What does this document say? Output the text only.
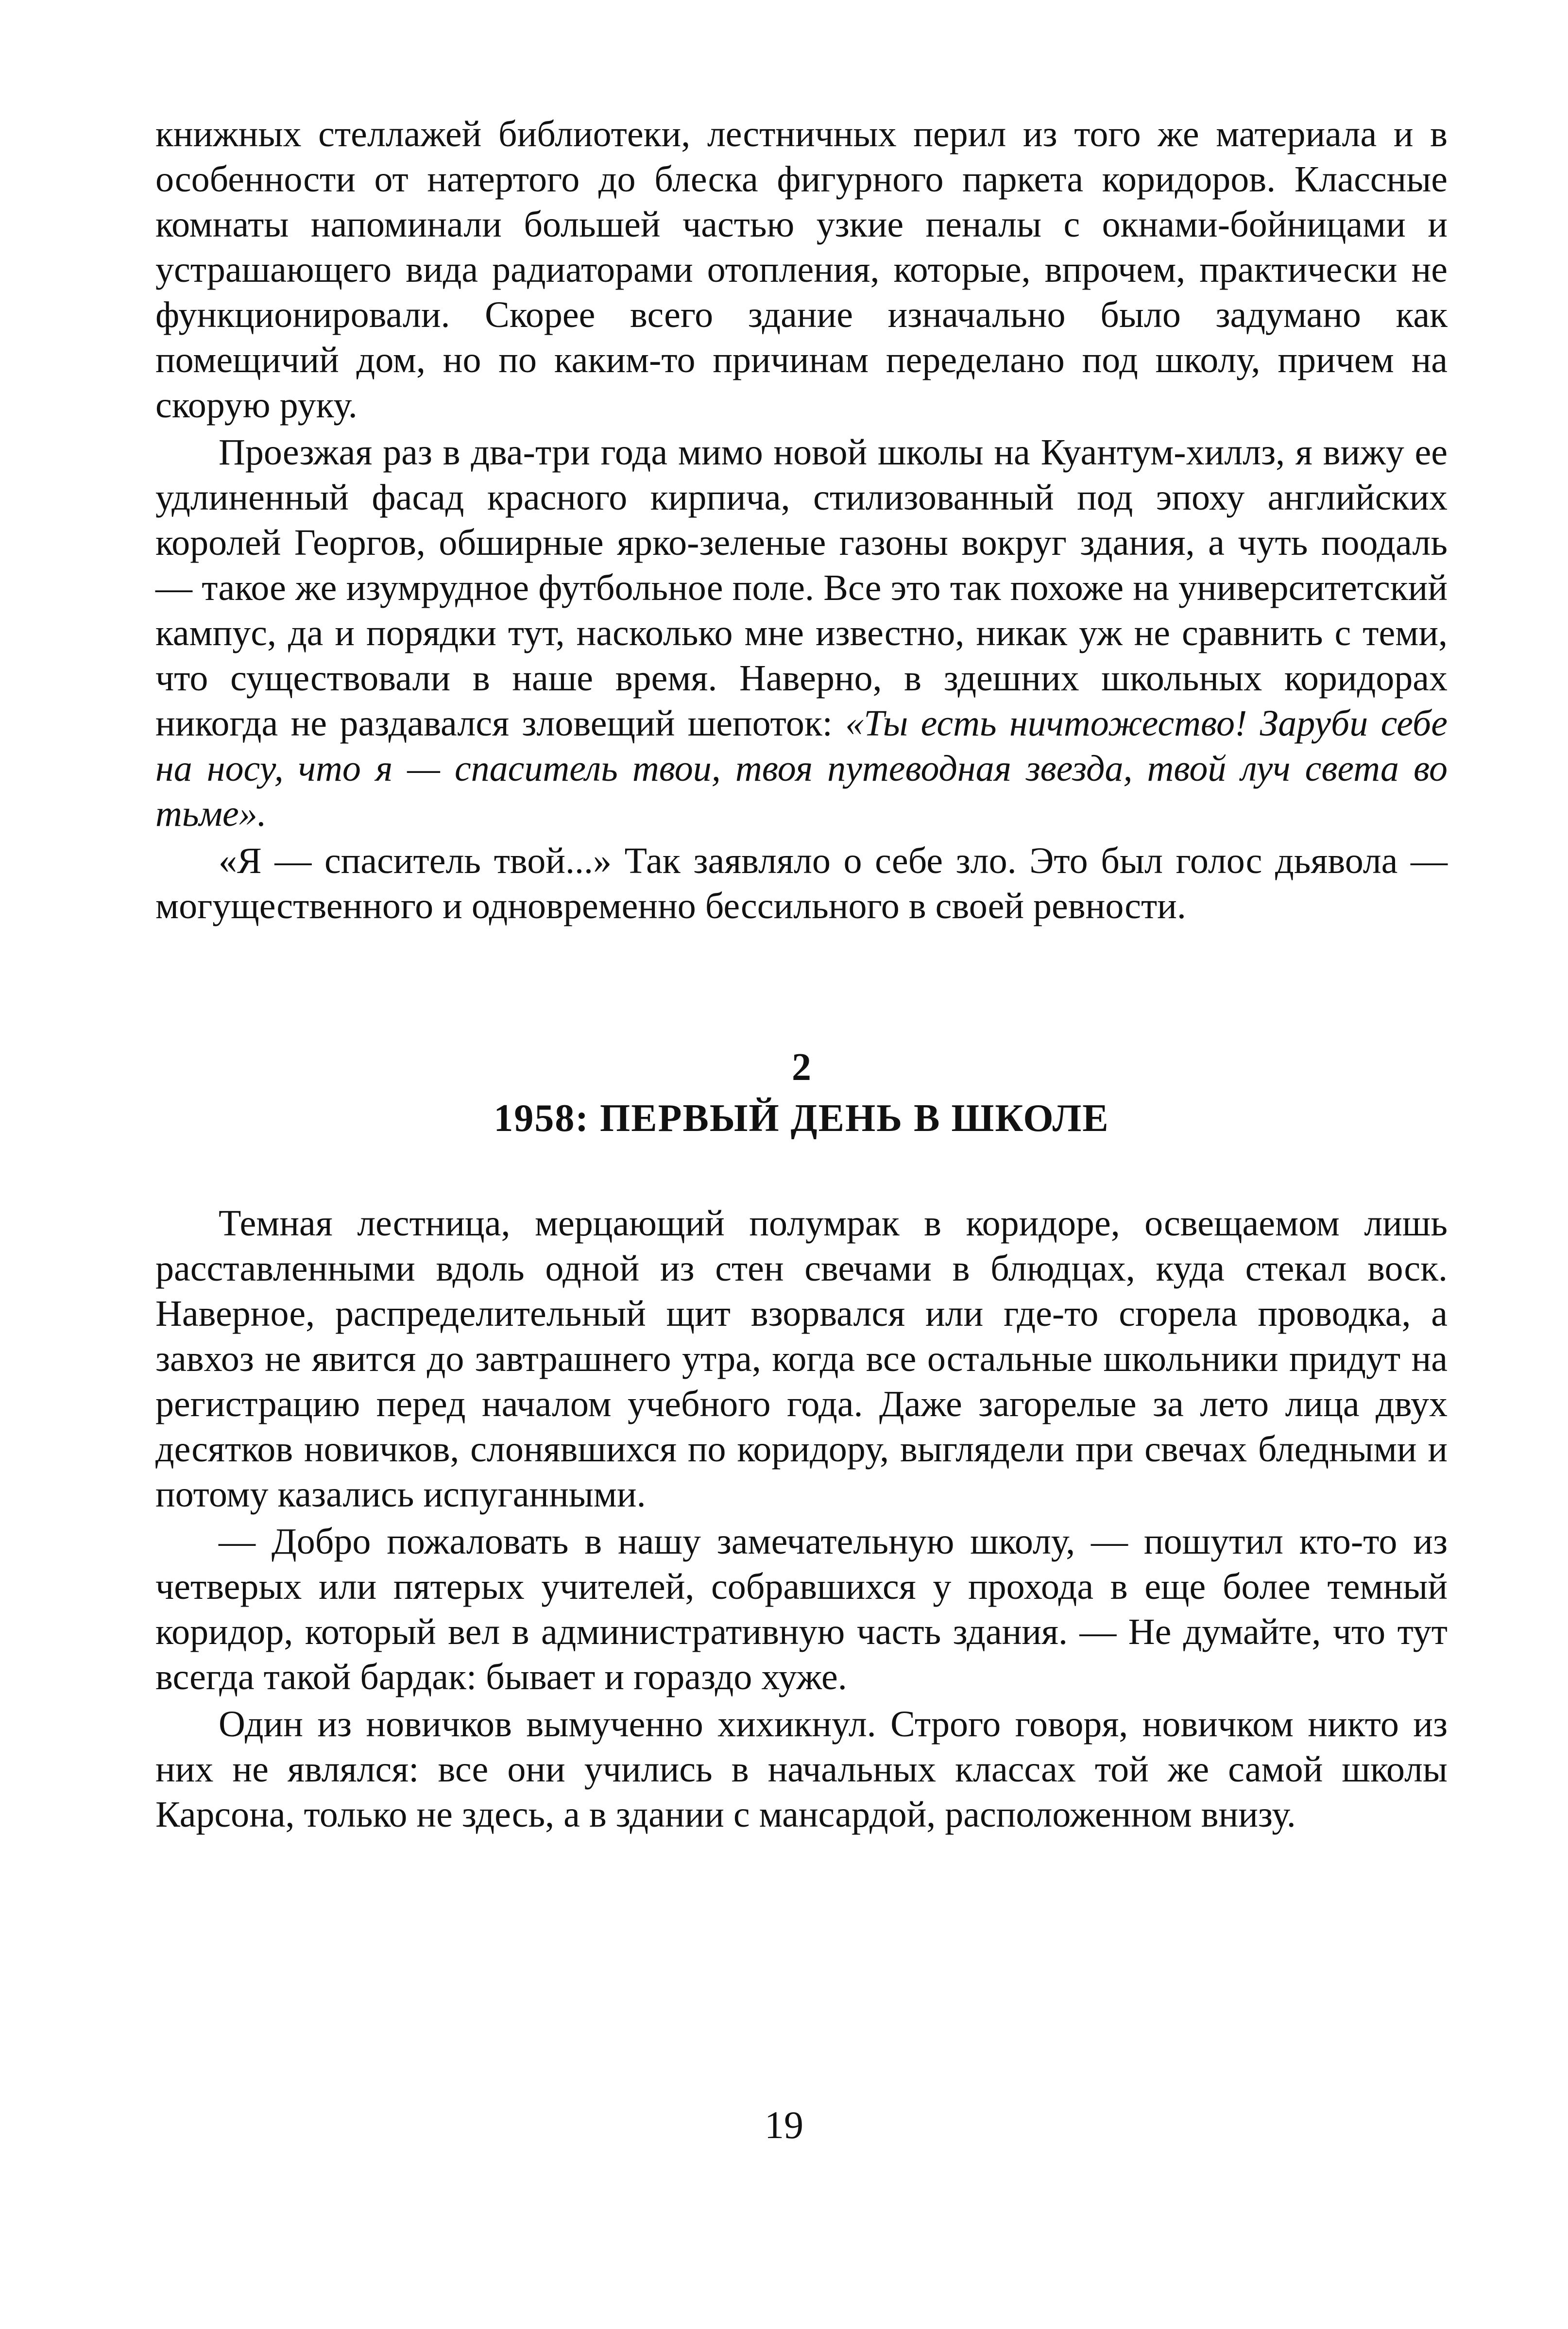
книжных стеллажей библиотеки, лестничных перил из того же материала и в особенности от натертого до блеска фигурного паркета коридоров. Классные комнаты напоминали большей частью узкие пеналы с окнами-бойницами и устрашающего вида радиаторами отопления, которые, впрочем, практически не функционировали. Скорее всего здание изначально было задумано как помещичий дом, но по каким-то причинам переделано под школу, причем на скорую руку.

Проезжая раз в два-три года мимо новой школы на Куантум-хиллз, я вижу ее удлиненный фасад красного кирпича, стилизованный под эпоху английских королей Георгов, обширные ярко-зеленые газоны вокруг здания, а чуть поодаль — такое же изумрудное футбольное поле. Все это так похоже на университетский кампус, да и порядки тут, насколько мне известно, никак уж не сравнить с теми, что существовали в наше время. Наверно, в здешних школьных коридорах никогда не раздавался зловещий шепоток: «Ты есть ничтожество! Заруби себе на носу, что я — спаситель твои, твоя путеводная звезда, твой луч света во тьме».

«Я — спаситель твой...» Так заявляло о себе зло. Это был голос дьявола — могущественного и одновременно бессильного в своей ревности.

2
1958: ПЕРВЫЙ ДЕНЬ В ШКОЛЕ

Темная лестница, мерцающий полумрак в коридоре, освещаемом лишь расставленными вдоль одной из стен свечами в блюдцах, куда стекал воск. Наверное, распределительный щит взорвался или где-то сгорела проводка, а завхоз не явится до завтрашнего утра, когда все остальные школьники придут на регистрацию перед началом учебного года. Даже загорелые за лето лица двух десятков новичков, слонявшихся по коридору, выглядели при свечах бледными и потому казались испуганными.

— Добро пожаловать в нашу замечательную школу, — пошутил кто-то из четверых или пятерых учителей, собравшихся у прохода в еще более темный коридор, который вел в административную часть здания. — Не думайте, что тут всегда такой бардак: бывает и гораздо хуже.

Один из новичков вымученно хихикнул. Строго говоря, новичком никто из них не являлся: все они учились в начальных классах той же самой школы Карсона, только не здесь, а в здании с мансардой, расположенном внизу.

19
